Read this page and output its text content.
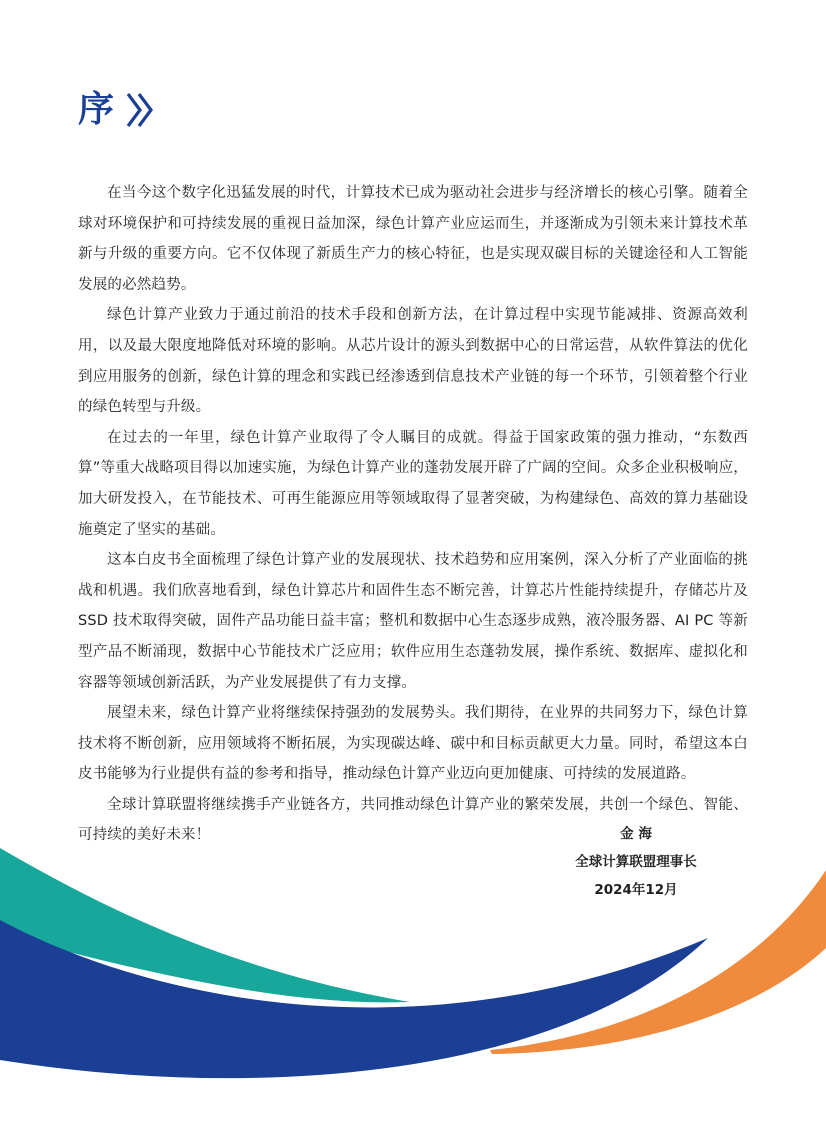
序

在当今这个数字化迅猛发展的时代，计算技术已成为驱动社会进步与经济增长的核心引擎。随着全球对环境保护和可持续发展的重视日益加深，绿色计算产业应运而生，并逐渐成为引领未来计算技术革新与升级的重要方向。它不仅体现了新质生产力的核心特征，也是实现双碳目标的关键途径和人工智能发展的必然趋势。

绿色计算产业致力于通过前沿的技术手段和创新方法，在计算过程中实现节能减排、资源高效利用，以及最大限度地降低对环境的影响。从芯片设计的源头到数据中心的日常运营，从软件算法的优化到应用服务的创新，绿色计算的理念和实践已经渗透到信息技术产业链的每一个环节，引领着整个行业的绿色转型与升级。

在过去的一年里，绿色计算产业取得了令人瞩目的成就。得益于国家政策的强力推动，“东数西算”等重大战略项目得以加速实施，为绿色计算产业的蓬勃发展开辟了广阔的空间。众多企业积极响应，加大研发投入，在节能技术、可再生能源应用等领域取得了显著突破，为构建绿色、高效的算力基础设施奠定了坚实的基础。

这本白皮书全面梳理了绿色计算产业的发展现状、技术趋势和应用案例，深入分析了产业面临的挑战和机遇。我们欣喜地看到，绿色计算芯片和固件生态不断完善，计算芯片性能持续提升，存储芯片及SSD 技术取得突破，固件产品功能日益丰富；整机和数据中心生态逐步成熟，液冷服务器、AI PC 等新型产品不断涌现，数据中心节能技术广泛应用；软件应用生态蓬勃发展，操作系统、数据库、虚拟化和容器等领域创新活跃，为产业发展提供了有力支撑。

展望未来，绿色计算产业将继续保持强劲的发展势头。我们期待，在业界的共同努力下，绿色计算技术将不断创新，应用领域将不断拓展，为实现碳达峰、碳中和目标贡献更大力量。同时，希望这本白皮书能够为行业提供有益的参考和指导，推动绿色计算产业迈向更加健康、可持续的发展道路。

全球计算联盟将继续携手产业链各方，共同推动绿色计算产业的繁荣发展，共创一个绿色、智能、可持续的美好未来！	金 海
全球计算联盟理事长
2024年12月
